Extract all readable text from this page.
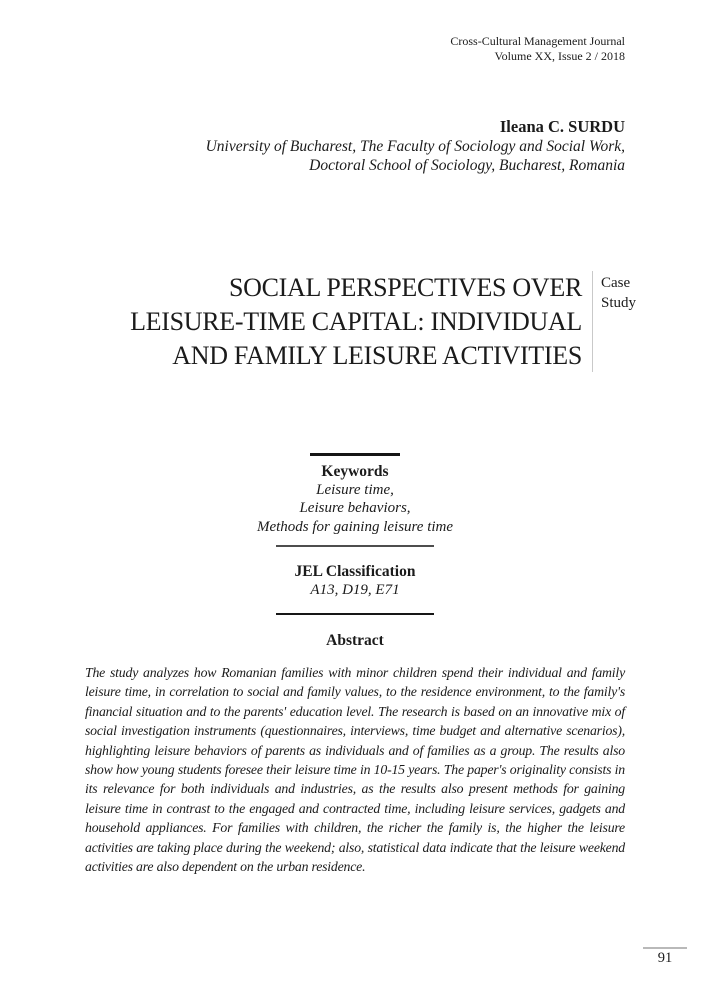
Cross-Cultural Management Journal
Volume XX, Issue 2 / 2018
Ileana C. SURDU
University of Bucharest, The Faculty of Sociology and Social Work,
Doctoral School of Sociology, Bucharest, Romania
SOCIAL PERSPECTIVES OVER
LEISURE-TIME CAPITAL: INDIVIDUAL
AND FAMILY LEISURE ACTIVITIES
Case
Study
Keywords
Leisure time,
Leisure behaviors,
Methods for gaining leisure time
JEL Classification
A13, D19, E71
Abstract
The study analyzes how Romanian families with minor children spend their individual and family leisure time, in correlation to social and family values, to the residence environment, to the family's financial situation and to the parents' education level. The research is based on an innovative mix of social investigation instruments (questionnaires, interviews, time budget and alternative scenarios), highlighting leisure behaviors of parents as individuals and of families as a group. The results also show how young students foresee their leisure time in 10-15 years. The paper's originality consists in its relevance for both individuals and industries, as the results also present methods for gaining leisure time in contrast to the engaged and contracted time, including leisure services, gadgets and household appliances. For families with children, the richer the family is, the higher the leisure activities are taking place during the weekend; also, statistical data indicate that the leisure weekend activities are also dependent on the urban residence.
91
